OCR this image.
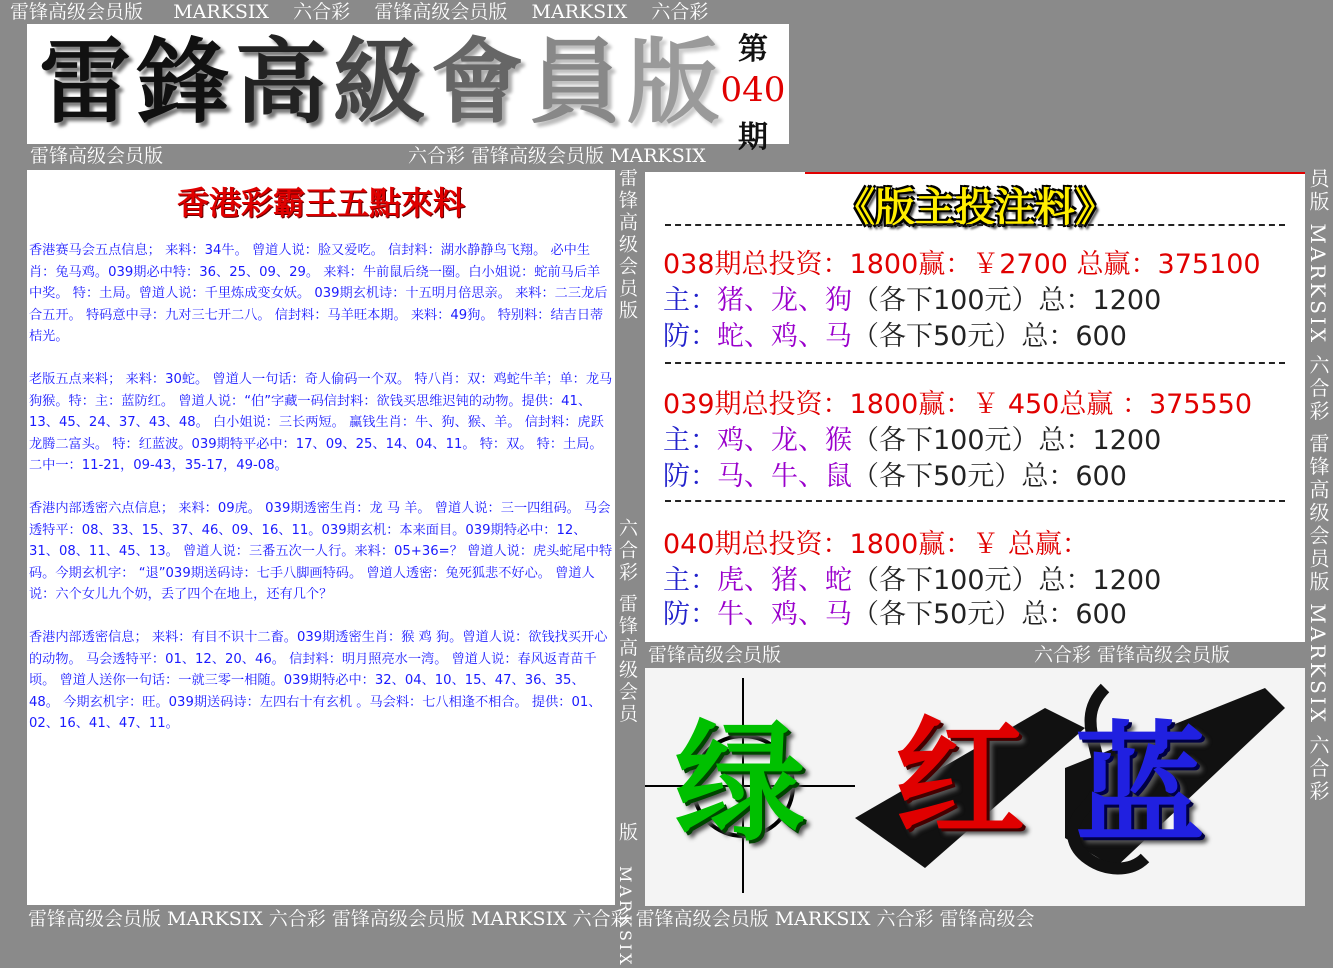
雷锋高级会员版 MARKSIX 六合彩 雷锋高级会员版 MARKSIX 六合彩
雷鋒高級會員版 第
040
期
雷锋高级会员版	六合彩 雷锋高级会员版 MARKSIX
香港彩霸王五點來料

香港赛马会五点信息； 来料：34牛。 曾道人说：脸又爱吃。 信封料：湖水静静鸟飞翔。 必中生肖：兔马鸡。039期必中特：36、25、09、29。 来料：牛前鼠后绕一圈。白小姐说：蛇前马后羊中奖。 特：土局。曾道人说：千里炼成变女妖。 039期玄机诗：十五明月倍思亲。 来料：二三龙后合五开。 特码意中寻：九对三七开二八。 信封料：马羊旺本期。 来料：49狗。 特别料：结吉日蒂桔光。

老版五点来料； 来料：30蛇。 曾道人一句话：奇人偷码一个双。 特八肖：双：鸡蛇牛羊；单：龙马狗猴。特：主：蓝防红。 曾道人说：“伯”字藏一码信封料：欲钱买思维迟钝的动物。提供：41、13、45、24、37、43、48。 白小姐说：三长两短。 赢钱生肖：牛、狗、猴、羊。 信封料：虎跃龙腾二富头。 特：红蓝波。039期特平必中：17、09、25、14、04、11。 特：双。 特：土局。 二中一：11-21，09-43，35-17，49-08。

香港内部透密六点信息； 来料：09虎。 039期透密生肖：龙 马 羊。 曾道人说：三一四组码。 马会透特平：08、33、15、37、46、09、16、11。039期玄机：本来面目。039期特必中：12、31、08、11、45、13。 曾道人说：三番五次一人行。来料：05+36=？ 曾道人说：虎头蛇尾中特码。今期玄机字： “退”039期送码诗：七手八脚画特码。 曾道人透密：兔死狐悲不好心。 曾道人说：六个女儿九个奶，丢了四个在地上，还有几个？

香港内部透密信息； 来料：有目不识十二畜。039期透密生肖：猴 鸡 狗。曾道人说：欲钱找买开心的动物。 马会透特平：01、12、20、46。 信封料：明月照亮水一湾。 曾道人说：春风返青苗千顷。 曾道人送你一句话：一就三零一相随。039期特必中：32、04、10、15、47、36、35、48。 今期玄机字：旺。039期送码诗：左四右十有玄机 。马会料：七八相逢不相合。 提供：01、02、16、41、47、11。

雷锋高级会员版
六合彩 雷锋高级会员
版
MARKSIX
员版 MARKSIX 六合彩 雷锋高级会员版 MARKSIX 六合彩
《版主投注料》
038期总投资：1800赢：￥2700 总赢：375100
主：猪、龙、狗（各下100元）总：1200
防：蛇、鸡、马（各下50元）总：600
039期总投资：1800赢：￥ 450总赢 ：375550
主：鸡、龙、猴（各下100元）总：1200
防：马、牛、鼠（各下50元）总：600
040期总投资：1800赢：￥ 总赢：
主：虎、猪、蛇（各下100元）总：1200
防：牛、鸡、马（各下50元）总：600
雷锋高级会员版	六合彩 雷锋高级会员版
绿 红 蓝
雷锋高级会员版 MARKSIX 六合彩 雷锋高级会员版 MARKSIX 六合彩 雷锋高级会员版 MARKSIX 六合彩 雷锋高级会
